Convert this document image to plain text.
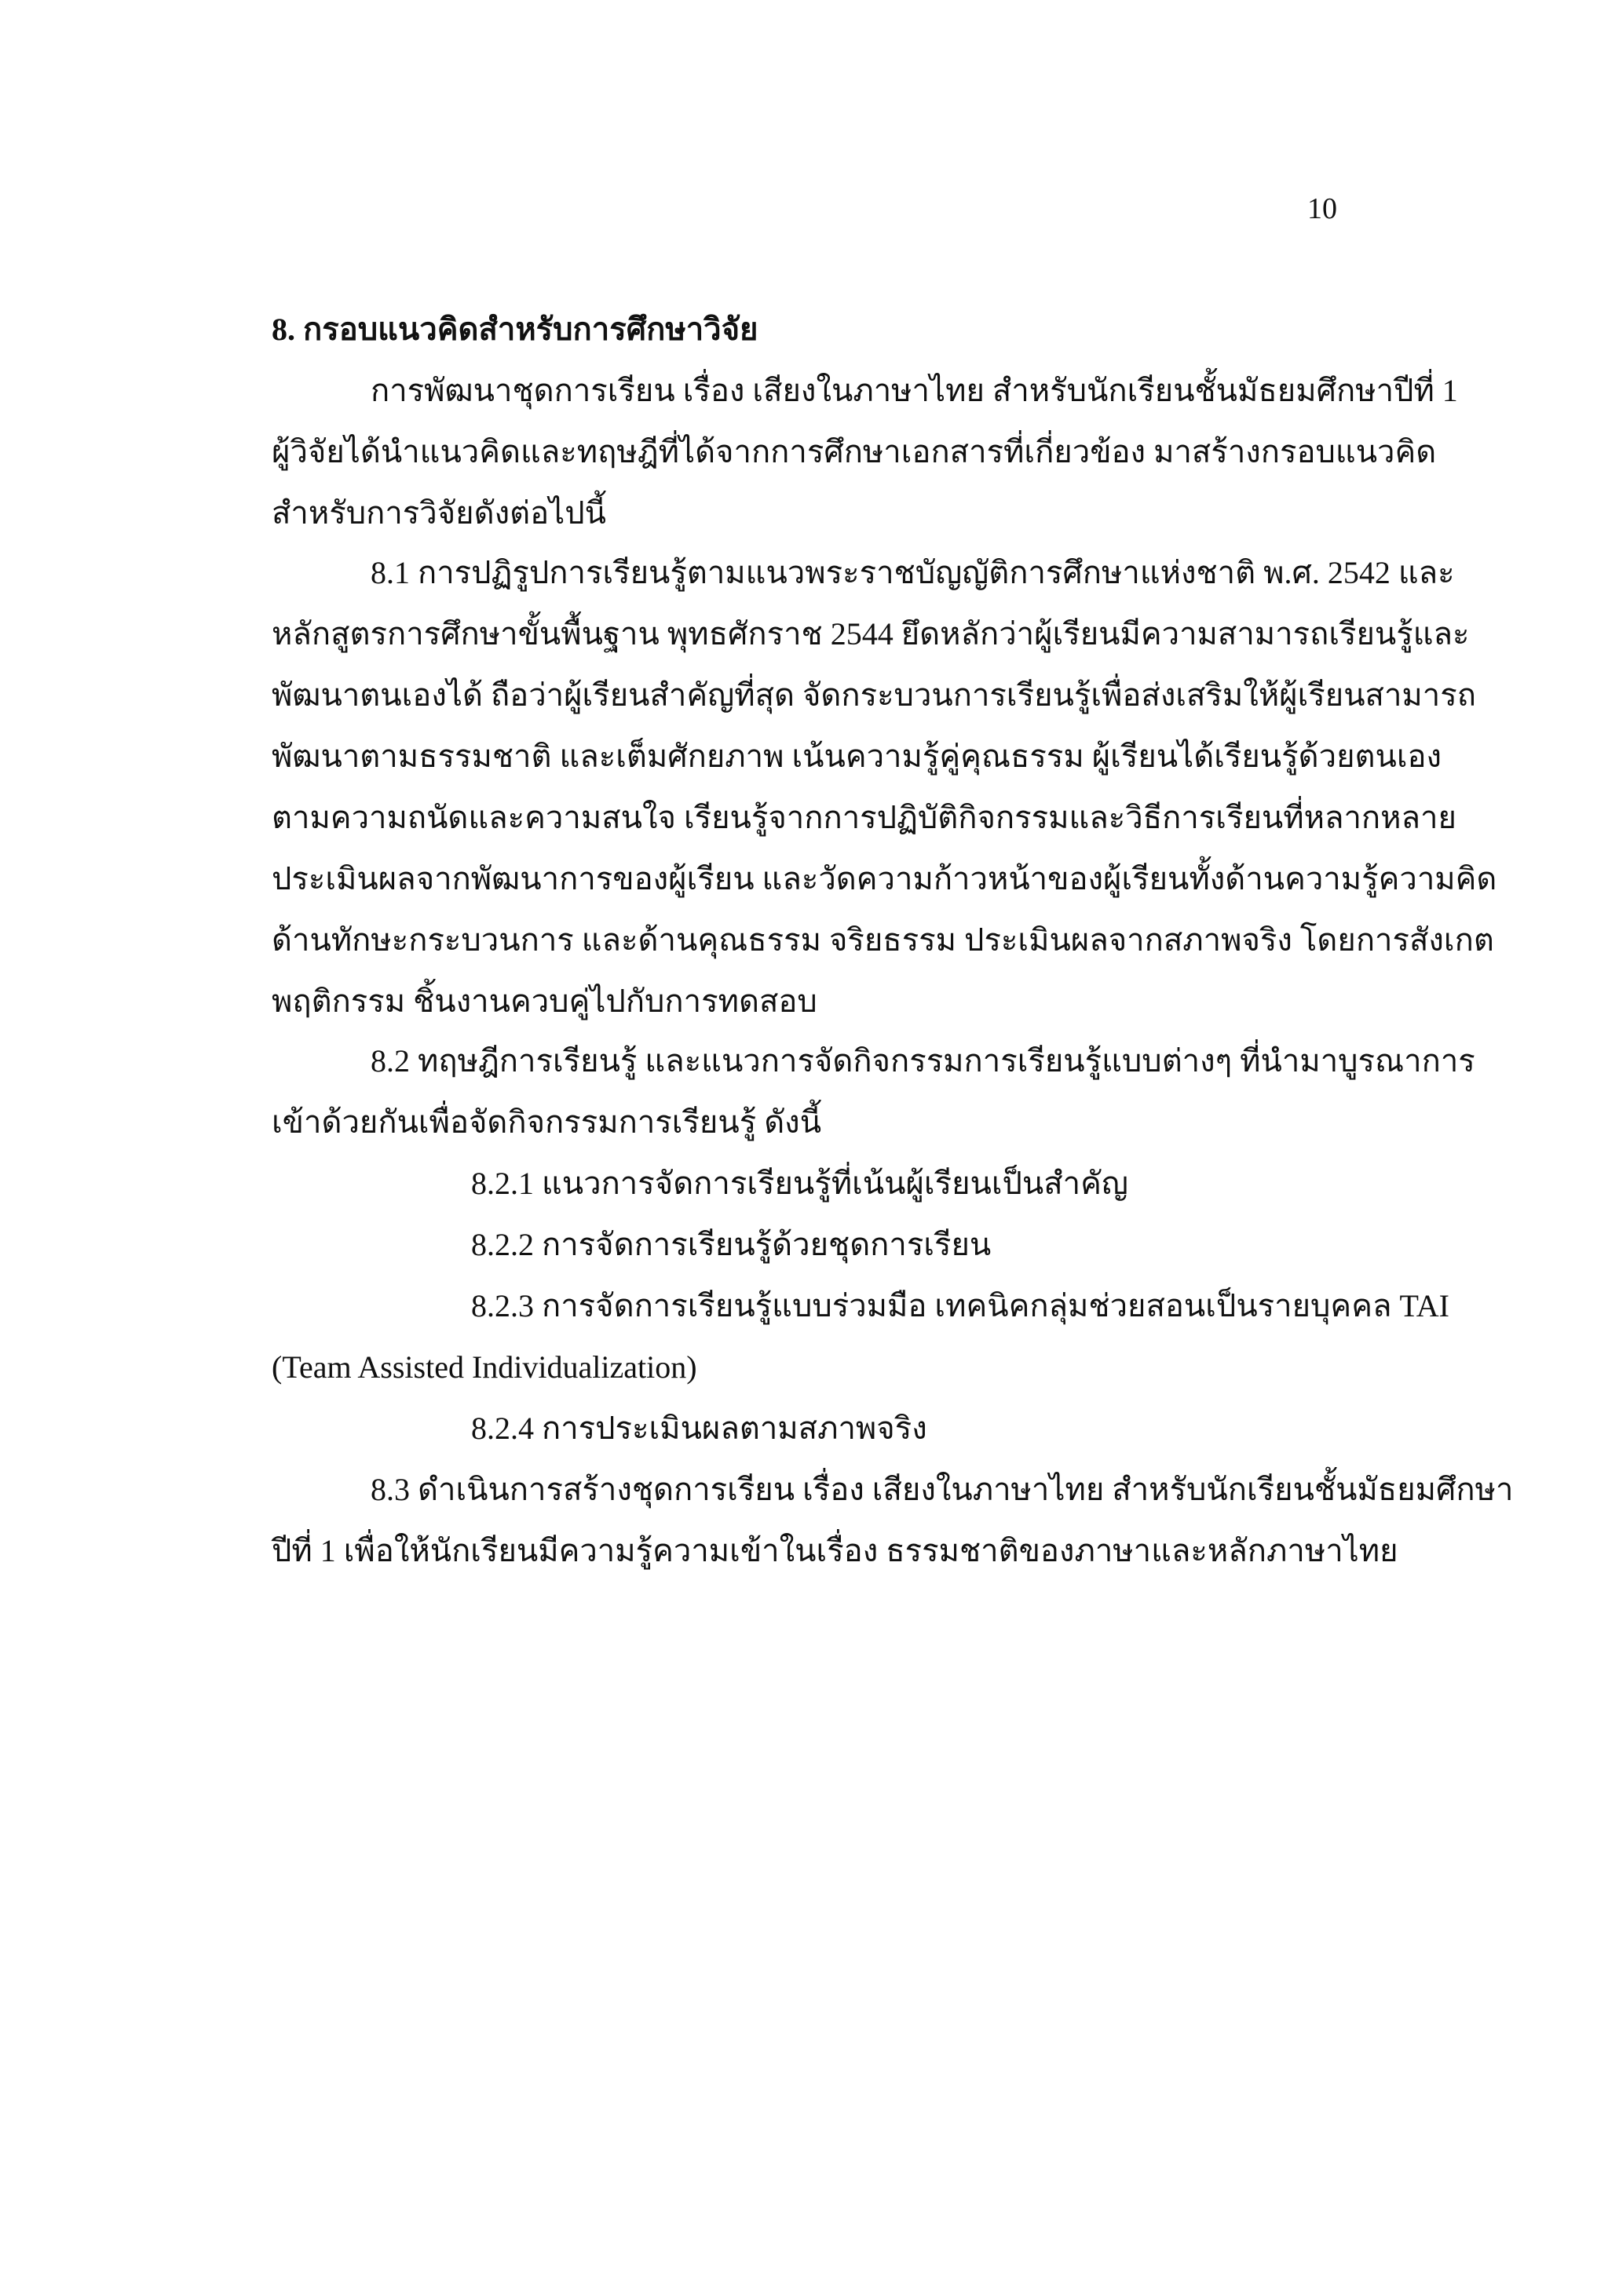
10
8. กรอบแนวคิดสำหรับการศึกษาวิจัย
การพัฒนาชุดการเรียน เรื่อง เสียงในภาษาไทย สำหรับนักเรียนชั้นมัธยมศึกษาปีที่ 1
ผู้วิจัยได้นำแนวคิดและทฤษฎีที่ได้จากการศึกษาเอกสารที่เกี่ยวข้อง มาสร้างกรอบแนวคิด
สำหรับการวิจัยดังต่อไปนี้
8.1 การปฏิรูปการเรียนรู้ตามแนวพระราชบัญญัติการศึกษาแห่งชาติ พ.ศ. 2542 และ
หลักสูตรการศึกษาขั้นพื้นฐาน พุทธศักราช 2544 ยึดหลักว่าผู้เรียนมีความสามารถเรียนรู้และ
พัฒนาตนเองได้ ถือว่าผู้เรียนสำคัญที่สุด จัดกระบวนการเรียนรู้เพื่อส่งเสริมให้ผู้เรียนสามารถ
พัฒนาตามธรรมชาติ และเต็มศักยภาพ เน้นความรู้คู่คุณธรรม ผู้เรียนได้เรียนรู้ด้วยตนเอง
ตามความถนัดและความสนใจ เรียนรู้จากการปฏิบัติกิจกรรมและวิธีการเรียนที่หลากหลาย
ประเมินผลจากพัฒนาการของผู้เรียน และวัดความก้าวหน้าของผู้เรียนทั้งด้านความรู้ความคิด
ด้านทักษะกระบวนการ และด้านคุณธรรม จริยธรรม ประเมินผลจากสภาพจริง โดยการสังเกต
พฤติกรรม ชิ้นงานควบคู่ไปกับการทดสอบ
8.2 ทฤษฎีการเรียนรู้ และแนวการจัดกิจกรรมการเรียนรู้แบบต่างๆ ที่นำมาบูรณาการ
เข้าด้วยกันเพื่อจัดกิจกรรมการเรียนรู้ ดังนี้
8.2.1 แนวการจัดการเรียนรู้ที่เน้นผู้เรียนเป็นสำคัญ
8.2.2 การจัดการเรียนรู้ด้วยชุดการเรียน
8.2.3 การจัดการเรียนรู้แบบร่วมมือ เทคนิคกลุ่มช่วยสอนเป็นรายบุคคล TAI
(Team Assisted Individualization)
8.2.4 การประเมินผลตามสภาพจริง
8.3 ดำเนินการสร้างชุดการเรียน เรื่อง เสียงในภาษาไทย สำหรับนักเรียนชั้นมัธยมศึกษา
ปีที่ 1 เพื่อให้นักเรียนมีความรู้ความเข้าในเรื่อง ธรรมชาติของภาษาและหลักภาษาไทย
